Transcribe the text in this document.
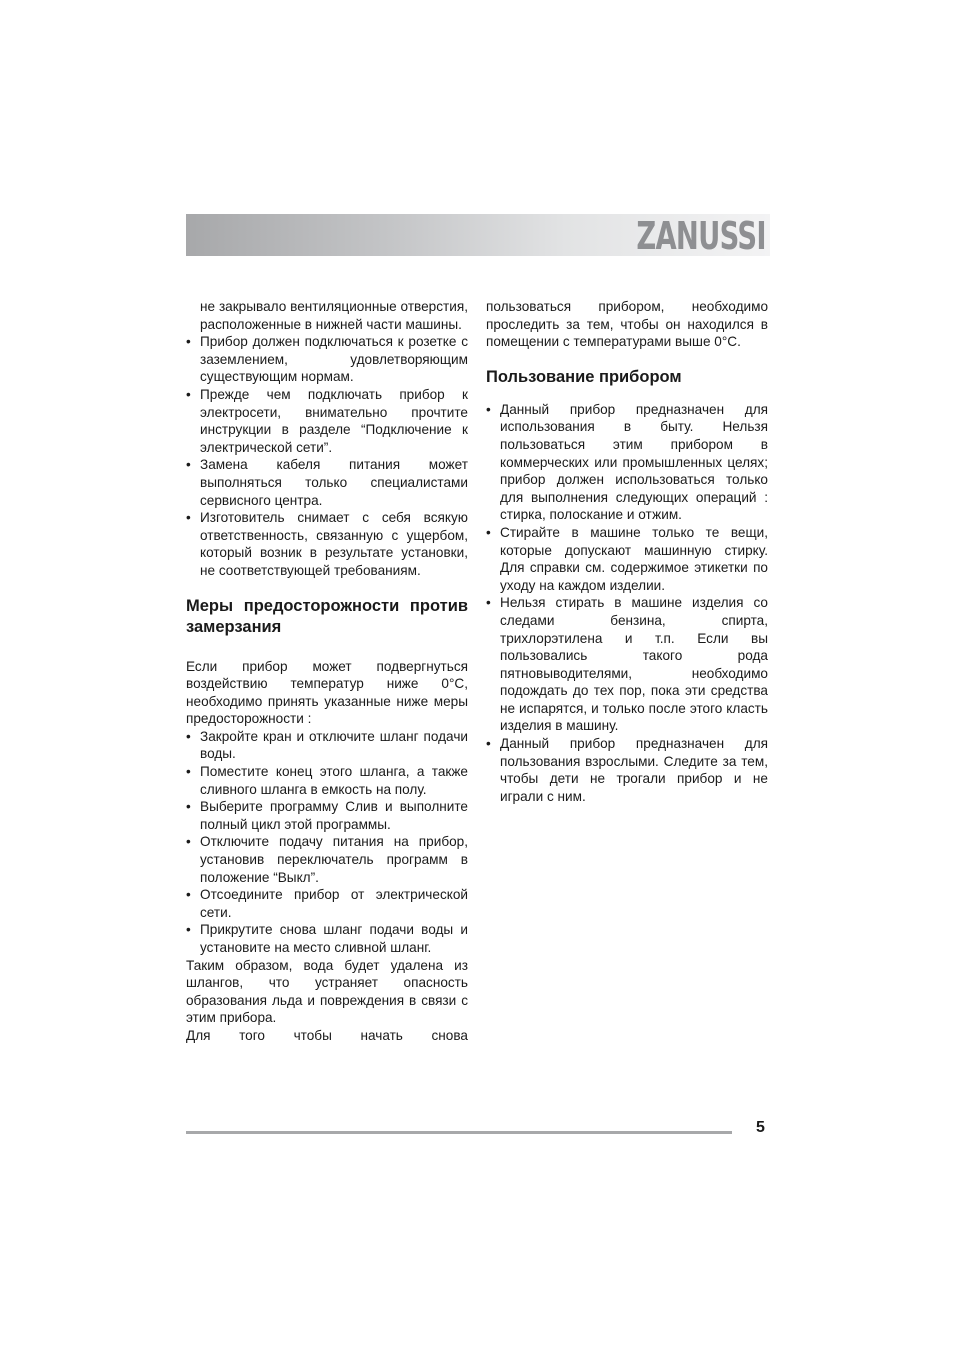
ZANUSSI

не закрывало вентиляционные отверстия, расположенные в нижней части машины.

• Прибор должен подключаться к розетке с заземлением, удовлетворяющим существующим нормам.
• Прежде чем подключать прибор к электросети, внимательно прочтите инструкции в разделе “Подключение к электрической сети”.
• Замена кабеля питания может выполняться только специалистами сервисного центра.
• Изготовитель снимает с себя всякую ответственность, связанную с ущербом, который возник в результате установки, не соответствующей требованиям.
Меры предосторожности против замерзания

Если прибор может подвергнуться воздействию температур ниже 0°C, необходимо принять указанные ниже меры предосторожности :

• Закройте кран и отключите шланг подачи воды.
• Поместите конец этого шланга, а также сливного шланга в емкость на полу.
• Выберите программу Слив и выполните полный цикл этой программы.
• Отключите подачу питания на прибор, установив переключатель программ в положение “Выкл”.
• Отсоедините прибор от электрической сети.
• Прикрутите снова шланг подачи воды и установите на место сливной шланг.

Таким образом, вода будет удалена из шлангов, что устраняет опасность образования льда и повреждения в связи с этим прибора.

Для того чтобы начать снова

пользоваться прибором, необходимо проследить за тем, чтобы он находился в помещении с температурами выше 0°C.

Пользование прибором
• Данный прибор предназначен для использования в быту. Нельзя пользоваться этим прибором в коммерческих или промышленных целях; прибор должен использоваться только для выполнения следующих операций : стирка, полоскание и отжим.
• Стирайте в машине только те вещи, которые допускают машинную стирку. Для справки см. содержимое этикетки по уходу на каждом изделии.
• Нельзя стирать в машине изделия со следами бензина, спирта, трихлорэтилена и т.п. Если вы пользовались такого рода пятновыводителями, необходимо подождать до тех пор, пока эти средства не испарятся, и только после этого класть изделия в машину.
• Данный прибор предназначен для пользования взрослыми. Следите за тем, чтобы дети не трогали прибор и не играли с ним.
5
